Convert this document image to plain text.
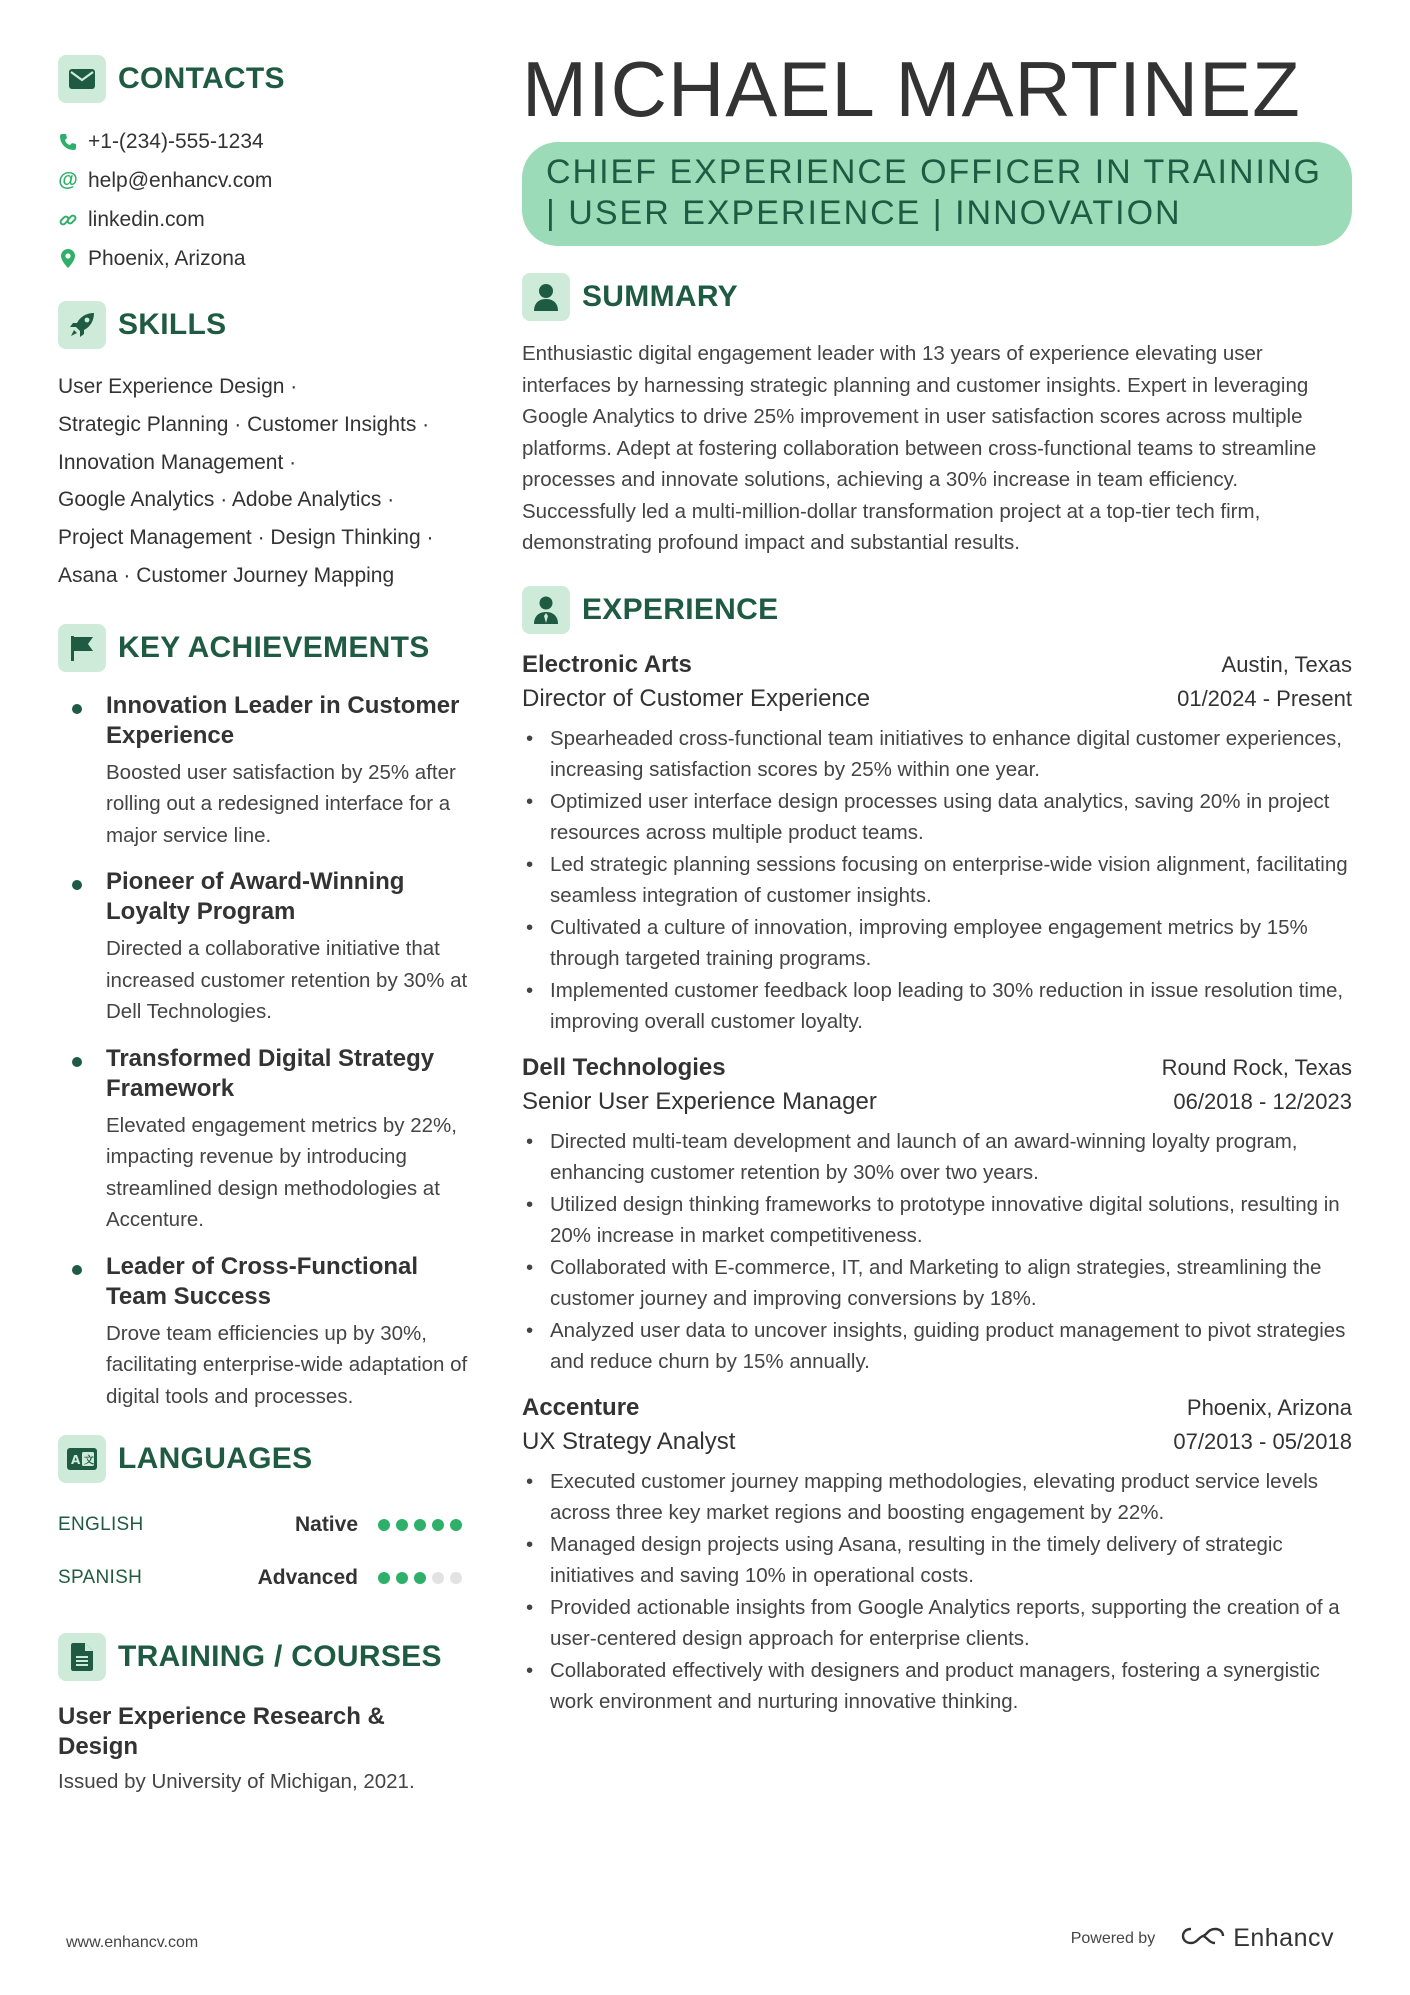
CONTACTS
+1-(234)-555-1234
@ help@enhancv.com
linkedin.com
Phoenix, Arizona
SKILLS
User Experience Design ·
Strategic Planning · Customer Insights ·
Innovation Management ·
Google Analytics · Adobe Analytics ·
Project Management · Design Thinking ·
Asana · Customer Journey Mapping
KEY ACHIEVEMENTS
Innovation Leader in Customer Experience
Boosted user satisfaction by 25% after rolling out a redesigned interface for a major service line.
Pioneer of Award-Winning Loyalty Program
Directed a collaborative initiative that increased customer retention by 30% at Dell Technologies.
Transformed Digital Strategy Framework
Elevated engagement metrics by 22%, impacting revenue by introducing streamlined design methodologies at Accenture.
Leader of Cross-Functional Team Success
Drove team efficiencies up by 30%, facilitating enterprise-wide adaptation of digital tools and processes.
A 文 LANGUAGES
ENGLISH	Native
SPANISH	Advanced
TRAINING / COURSES
User Experience Research & Design
Issued by University of Michigan, 2021.
MICHAEL MARTINEZ
CHIEF EXPERIENCE OFFICER IN TRAINING | USER EXPERIENCE | INNOVATION
SUMMARY
Enthusiastic digital engagement leader with 13 years of experience elevating user interfaces by harnessing strategic planning and customer insights. Expert in leveraging Google Analytics to drive 25% improvement in user satisfaction scores across multiple platforms. Adept at fostering collaboration between cross-functional teams to streamline processes and innovate solutions, achieving a 30% increase in team efficiency. Successfully led a multi-million-dollar transformation project at a top-tier tech firm, demonstrating profound impact and substantial results.
EXPERIENCE
Electronic Arts	Austin, Texas
Director of Customer Experience	01/2024 - Present
• Spearheaded cross-functional team initiatives to enhance digital customer experiences, increasing satisfaction scores by 25% within one year.
• Optimized user interface design processes using data analytics, saving 20% in project resources across multiple product teams.
• Led strategic planning sessions focusing on enterprise-wide vision alignment, facilitating seamless integration of customer insights.
• Cultivated a culture of innovation, improving employee engagement metrics by 15% through targeted training programs.
• Implemented customer feedback loop leading to 30% reduction in issue resolution time, improving overall customer loyalty.
Dell Technologies	Round Rock, Texas
Senior User Experience Manager	06/2018 - 12/2023
• Directed multi-team development and launch of an award-winning loyalty program, enhancing customer retention by 30% over two years.
• Utilized design thinking frameworks to prototype innovative digital solutions, resulting in 20% increase in market competitiveness.
• Collaborated with E-commerce, IT, and Marketing to align strategies, streamlining the customer journey and improving conversions by 18%.
• Analyzed user data to uncover insights, guiding product management to pivot strategies and reduce churn by 15% annually.
Accenture	Phoenix, Arizona
UX Strategy Analyst	07/2013 - 05/2018
• Executed customer journey mapping methodologies, elevating product service levels across three key market regions and boosting engagement by 22%.
• Managed design projects using Asana, resulting in the timely delivery of strategic initiatives and saving 10% in operational costs.
• Provided actionable insights from Google Analytics reports, supporting the creation of a user-centered design approach for enterprise clients.
• Collaborated effectively with designers and product managers, fostering a synergistic work environment and nurturing innovative thinking.
www.enhancv.com	Powered by	Enhancv
